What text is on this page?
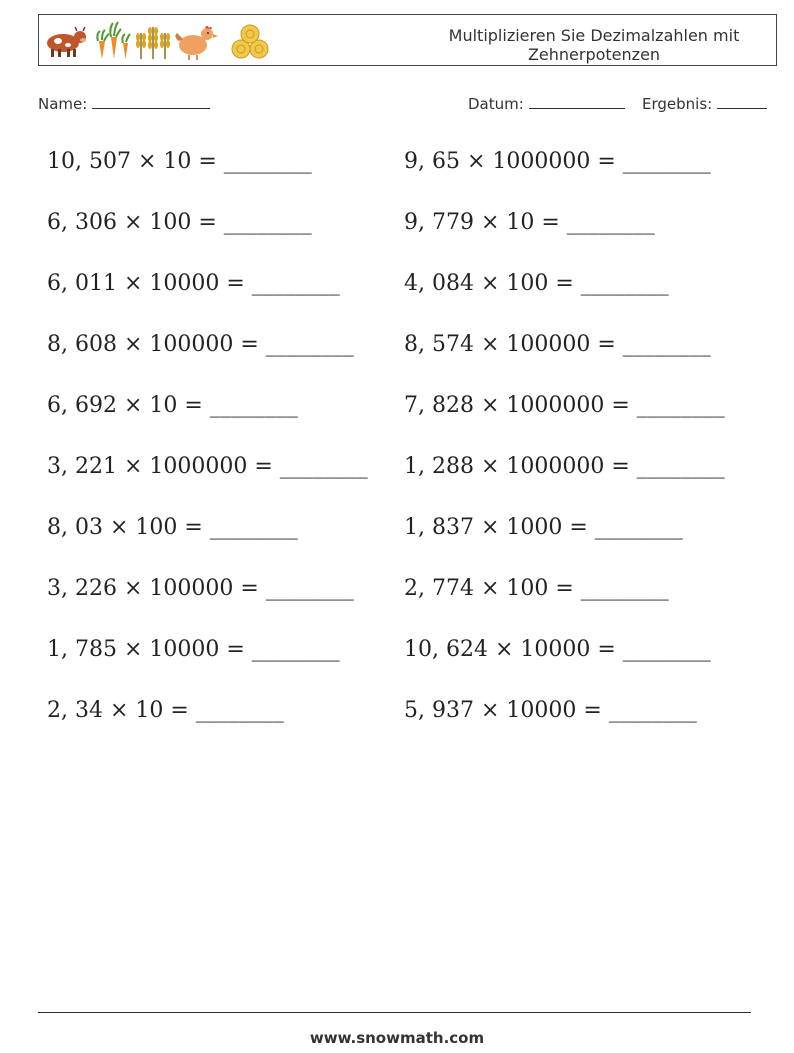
Multiplizieren Sie Dezimalzahlen mit
Zehnerpotenzen
Name:	Datum:	Ergebnis:
10, 507 × 10 = ________
6, 306 × 100 = ________
6, 011 × 10000 = ________
8, 608 × 100000 = ________
6, 692 × 10 = ________
3, 221 × 1000000 = ________
8, 03 × 100 = ________
3, 226 × 100000 = ________
1, 785 × 10000 = ________
2, 34 × 10 = ________
9, 65 × 1000000 = ________
9, 779 × 10 = ________
4, 084 × 100 = ________
8, 574 × 100000 = ________
7, 828 × 1000000 = ________
1, 288 × 1000000 = ________
1, 837 × 1000 = ________
2, 774 × 100 = ________
10, 624 × 10000 = ________
5, 937 × 10000 = ________
www.snowmath.com
